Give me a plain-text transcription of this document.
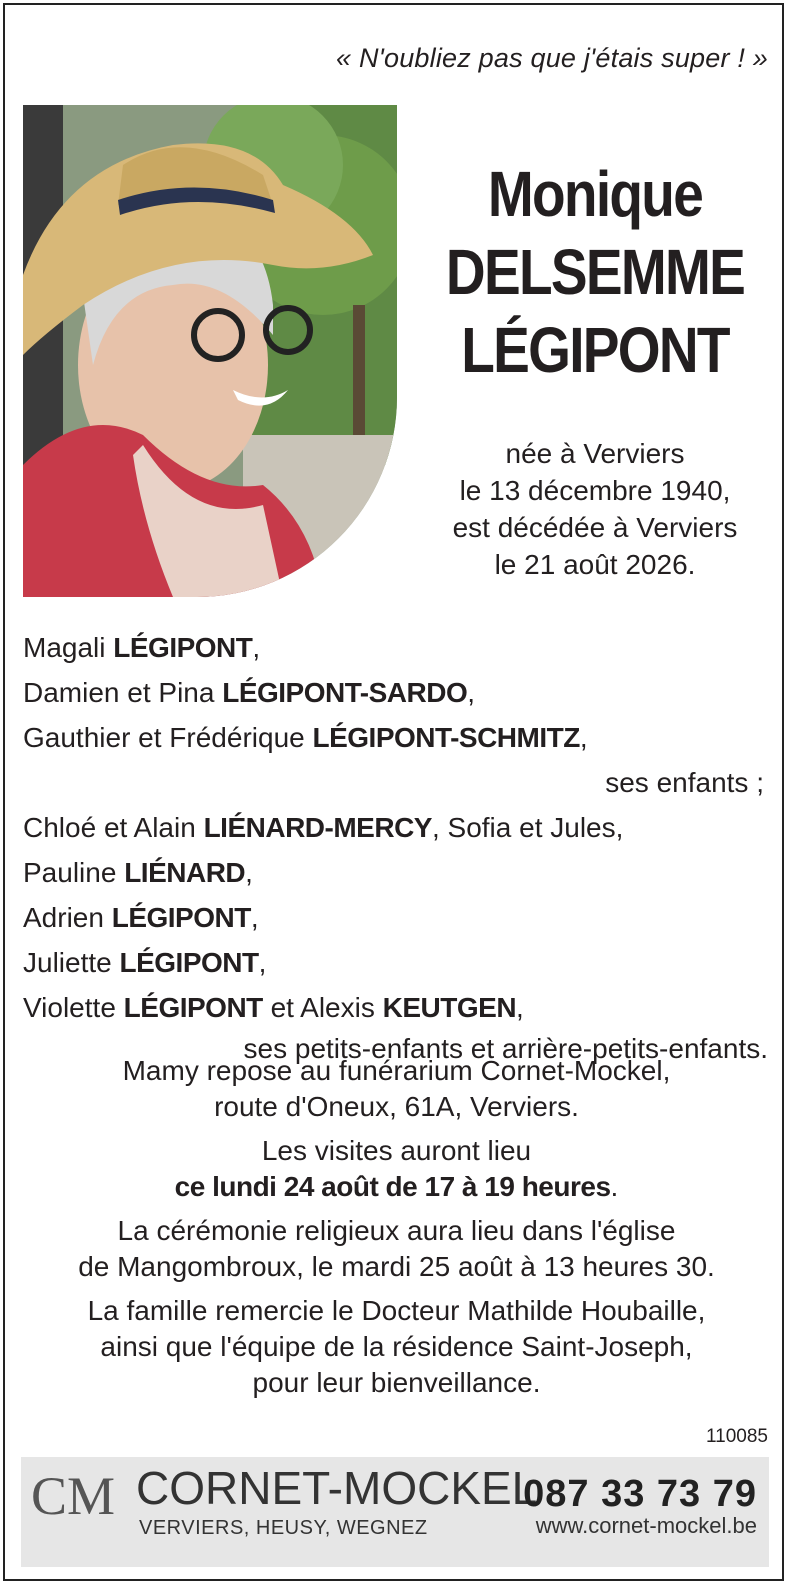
« N'oubliez pas que j'étais super ! »
Monique
DELSEMME
LÉGIPONT
née à Verviers
le 13 décembre 1940,
est décédée à Verviers
le 21 août 2026.
Magali LÉGIPONT,
Damien et Pina LÉGIPONT-SARDO,
Gauthier et Frédérique LÉGIPONT-SCHMITZ,
ses enfants ;
Chloé et Alain LIÉNARD-MERCY, Sofia et Jules,
Pauline LIÉNARD,
Adrien LÉGIPONT,
Juliette LÉGIPONT,
Violette LÉGIPONT et Alexis KEUTGEN,
ses petits-enfants et arrière-petits-enfants.

Mamy repose au funérarium Cornet-Mockel,
route d'Oneux, 61A, Verviers.

Les visites auront lieu
ce lundi 24 août de 17 à 19 heures.

La cérémonie religieux aura lieu dans l'église
de Mangombroux, le mardi 25 août à 13 heures 30.

La famille remercie le Docteur Mathilde Houbaille,
ainsi que l'équipe de la résidence Saint-Joseph,
pour leur bienveillance.

110085
CM CORNET-MOCKEL
087 33 73 79
VERVIERS, HEUSY, WEGNEZ	www.cornet-mockel.be
